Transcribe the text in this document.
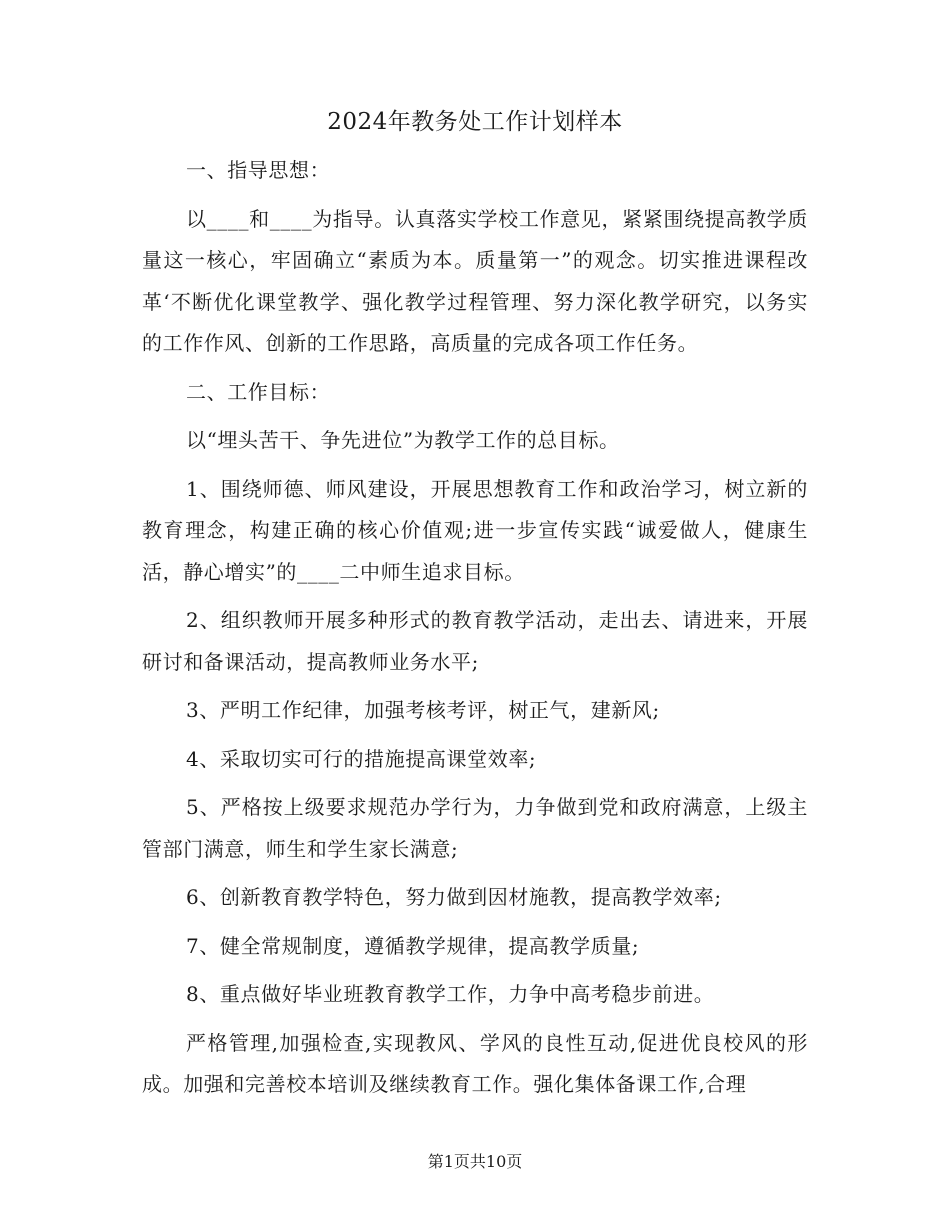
2024年教务处工作计划样本

一、指导思想：

以____和____为指导。认真落实学校工作意见，紧紧围绕提高教学质量这一核心，牢固确立“素质为本。质量第一”的观念。切实推进课程改革‘不断优化课堂教学、强化教学过程管理、努力深化教学研究，以务实的工作作风、创新的工作思路，高质量的完成各项工作任务。

二、工作目标：

以“埋头苦干、争先进位”为教学工作的总目标。

1、围绕师德、师风建设，开展思想教育工作和政治学习，树立新的教育理念，构建正确的核心价值观;进一步宣传实践“诚爱做人，健康生活，静心增实”的____二中师生追求目标。

2、组织教师开展多种形式的教育教学活动，走出去、请进来，开展研讨和备课活动，提高教师业务水平;

3、严明工作纪律，加强考核考评，树正气，建新风;

4、采取切实可行的措施提高课堂效率;

5、严格按上级要求规范办学行为，力争做到党和政府满意，上级主管部门满意，师生和学生家长满意;

6、创新教育教学特色，努力做到因材施教，提高教学效率;

7、健全常规制度，遵循教学规律，提高教学质量;

8、重点做好毕业班教育教学工作，力争中高考稳步前进。

严格管理,加强检查,实现教风、学风的良性互动,促进优良校风的形成。加强和完善校本培训及继续教育工作。强化集体备课工作,合理

第1页共10页
